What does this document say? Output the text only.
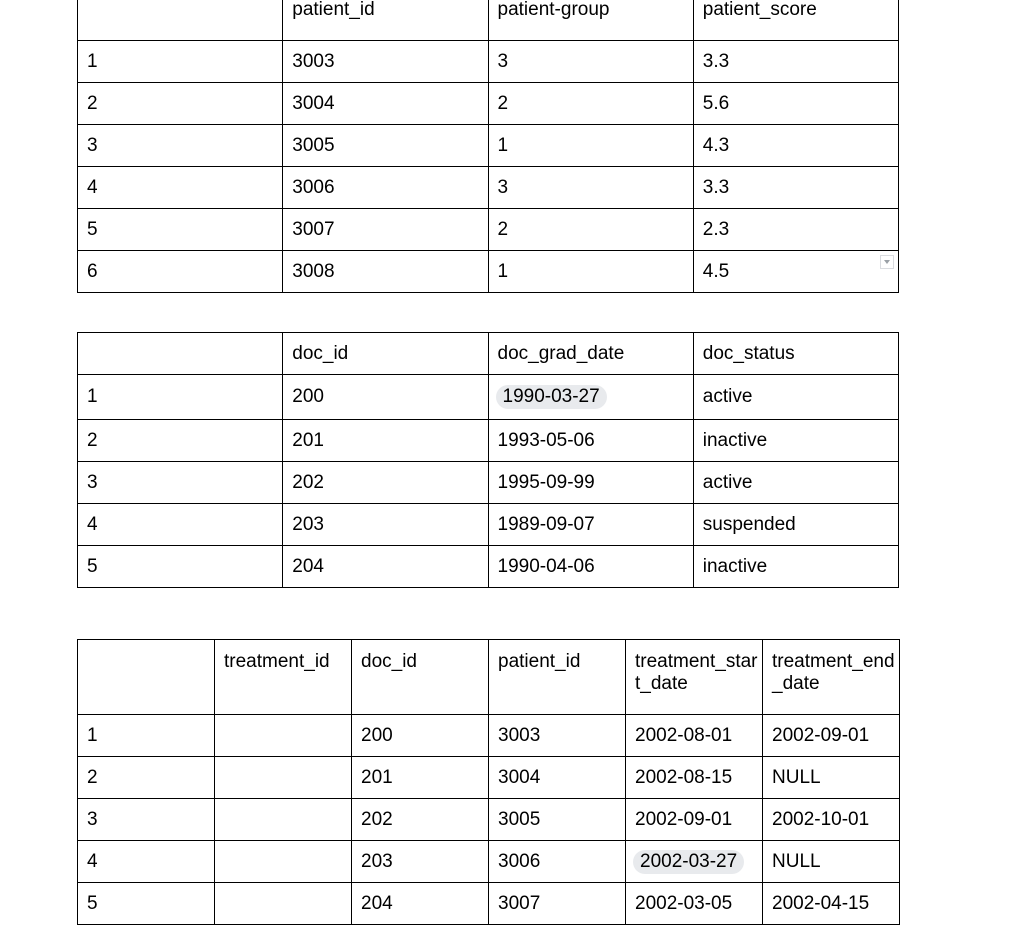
	patient_id	patient-group	patient_score
1	3003	3	3.3
2	3004	2	5.6
3	3005	1	4.3
4	3006	3	3.3
5	3007	2	2.3
6	3008	1	4.5
	doc_id	doc_grad_date	doc_status
1	200	1990-03-27	active
2	201	1993-05-06	inactive
3	202	1995-09-99	active
4	203	1989-09-07	suspended
5	204	1990-04-06	inactive
	treatment_id	doc_id	patient_id	treatment_start_date	treatment_end_date
1		200	3003	2002-08-01	2002-09-01
2		201	3004	2002-08-15	NULL
3		202	3005	2002-09-01	2002-10-01
4		203	3006	2002-03-27	NULL
5		204	3007	2002-03-05	2002-04-15
